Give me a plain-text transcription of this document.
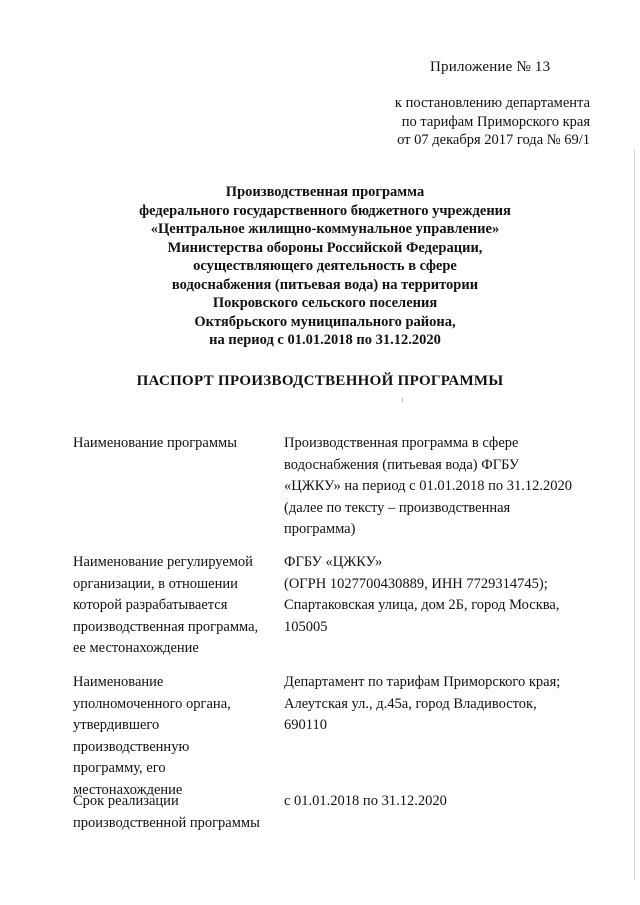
Приложение № 13
к постановлению департамента
по тарифам Приморского края
от 07 декабря 2017 года № 69/1
Производственная программа
федерального государственного бюджетного учреждения
«Центральное жилищно-коммунальное управление»
Министерства обороны Российской Федерации,
осуществляющего деятельность в сфере
водоснабжения (питьевая вода) на территории
Покровского сельского поселения
Октябрьского муниципального района,
на период с 01.01.2018 по 31.12.2020
ПАСПОРТ ПРОИЗВОДСТВЕННОЙ ПРОГРАММЫ
Наименование программы	Производственная программа в сфере
водоснабжения (питьевая вода) ФГБУ
«ЦЖКУ» на период с 01.01.2018 по 31.12.2020
(далее по тексту – производственная
программа)
Наименование регулируемой
организации, в отношении
которой разрабатывается
производственная программа,
ее местонахождение
ФГБУ «ЦЖКУ»
(ОГРН 1027700430889, ИНН 7729314745);
Спартаковская улица, дом 2Б, город Москва,
105005
Наименование
уполномоченного органа,
утвердившего
производственную
программу, его
местонахождение
Департамент по тарифам Приморского края;
Алеутская ул., д.45а, город Владивосток,
690110
Срок реализации
производственной программы
с 01.01.2018 по 31.12.2020
